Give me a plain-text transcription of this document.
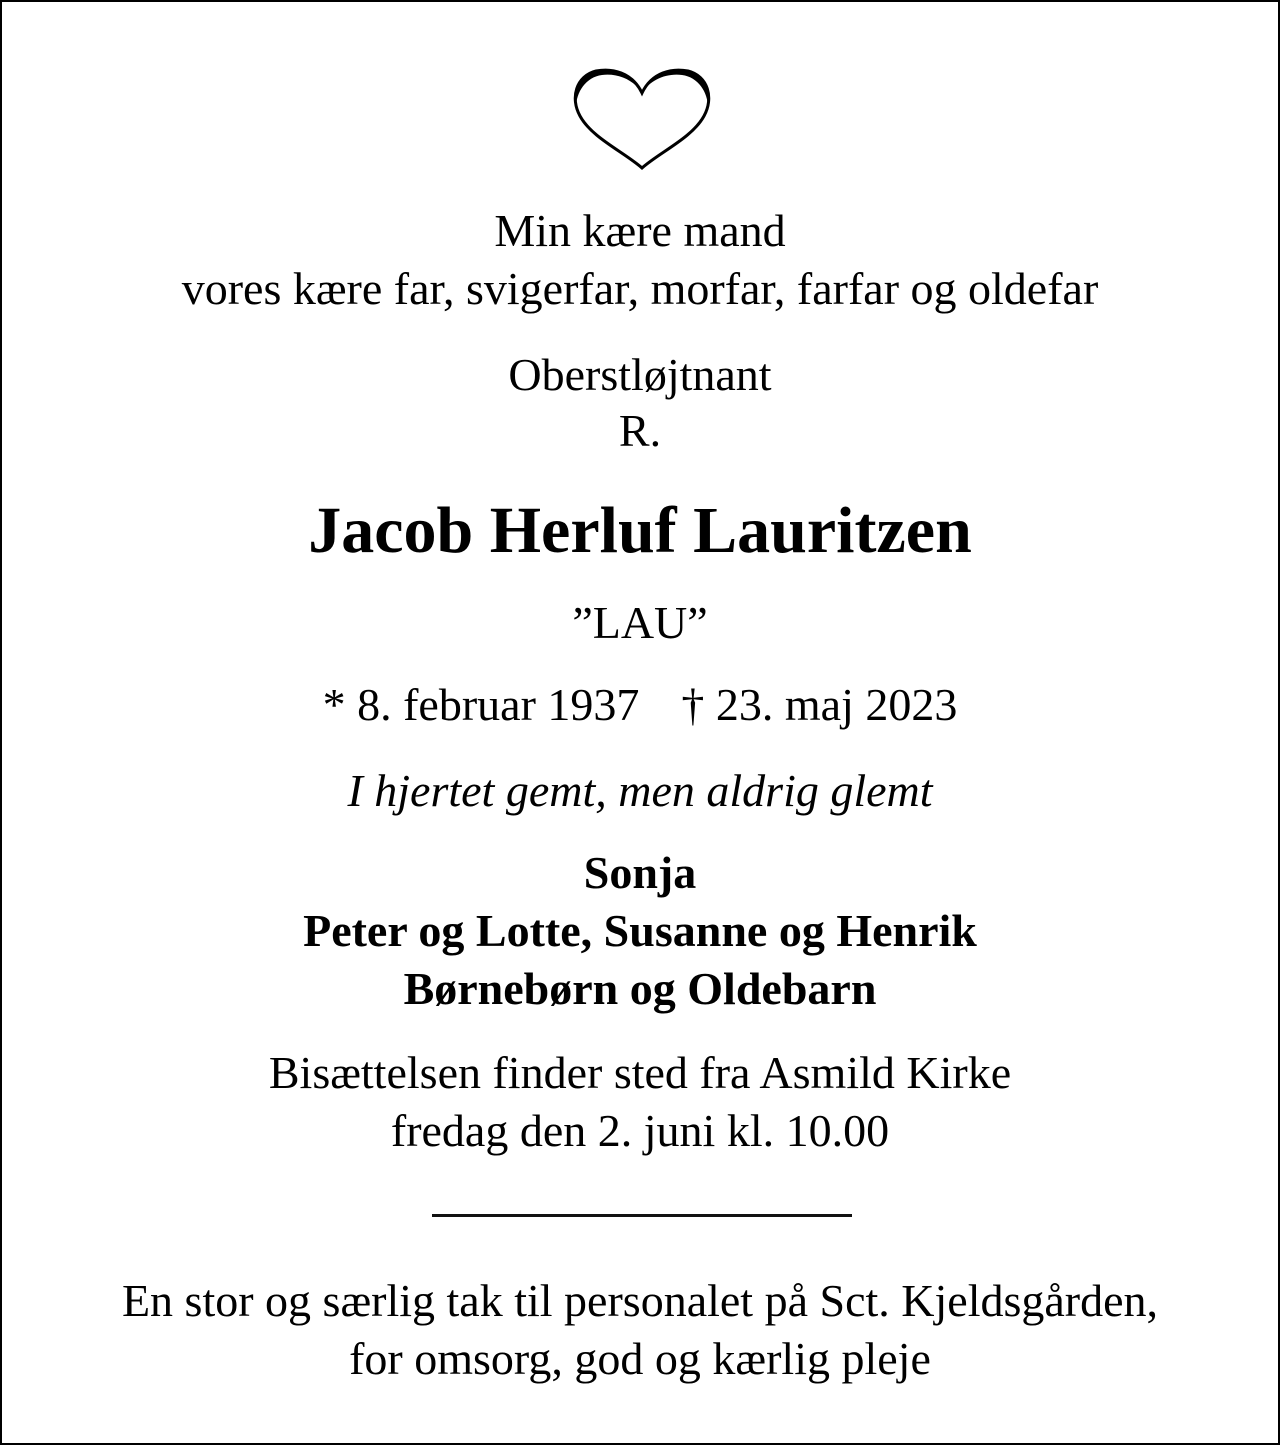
Min kære mand
vores kære far, svigerfar, morfar, farfar og oldefar
Oberstløjtnant
R.
Jacob Herluf Lauritzen
”LAU”
* 8. februar 1937 † 23. maj 2023
I hjertet gemt, men aldrig glemt
Sonja
Peter og Lotte, Susanne og Henrik
Børnebørn og Oldebarn
Bisættelsen finder sted fra Asmild Kirke
fredag den 2. juni kl. 10.00
En stor og særlig tak til personalet på Sct. Kjeldsgården,
for omsorg, god og kærlig pleje
